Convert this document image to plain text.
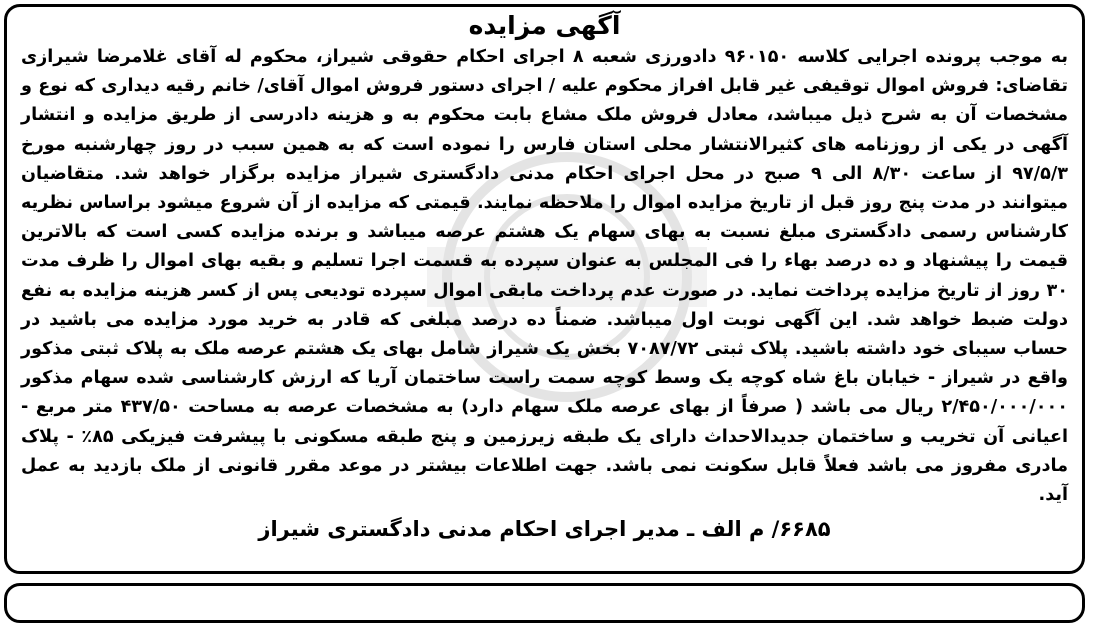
آگهی مزایده

به موجب پرونده اجرایی کلاسه ۹۶۰۱۵۰ دادورزی شعبه ۸ اجرای احکام حقوقی شیراز، محکوم له آقای غلامرضا شیرازی تقاضای: فروش اموال توقیفی غیر قابل افراز محکوم علیه / اجرای دستور فروش اموال آقای/ خانم رقیه دیداری که نوع و مشخصات آن به شرح ذیل میباشد، معادل فروش ملک مشاع بابت محکوم به و هزینه دادرسی از طریق مزایده و انتشار آگهی در یکی از روزنامه های کثیرالانتشار محلی استان فارس را نموده است که به همین سبب در روز چهارشنبه مورخ ۹۷/۵/۳ از ساعت ۸/۳۰ الی ۹ صبح در محل اجرای احکام مدنی دادگستری شیراز مزایده برگزار خواهد شد. متقاضیان میتوانند در مدت پنج روز قبل از تاریخ مزایده اموال را ملاحظه نمایند. قیمتی که مزایده از آن شروع میشود براساس نظریه کارشناس رسمی دادگستری مبلغ نسبت به بهای سهام یک هشتم عرصه میباشد و برنده مزایده کسی است که بالاترین قیمت را پیشنهاد و ده درصد بهاء را فی المجلس به عنوان سپرده به قسمت اجرا تسلیم و بقیه بهای اموال را ظرف مدت ۳۰ روز از تاریخ مزایده پرداخت نماید. در صورت عدم پرداخت مابقی اموال سپرده تودیعی پس از کسر هزینه مزایده به نفع دولت ضبط خواهد شد. این آگهی نوبت اول میباشد. ضمناً ده درصد مبلغی که قادر به خرید مورد مزایده می باشید در حساب سیبای خود داشته باشید. پلاک ثبتی ۷۰۸۷/۷۲ بخش یک شیراز شامل بهای یک هشتم عرصه ملک به پلاک ثبتی مذکور واقع در شیراز - خیابان باغ شاه کوچه یک وسط کوچه سمت راست ساختمان آریا که ارزش کارشناسی شده سهام مذکور ۲/۴۵۰/۰۰۰/۰۰۰ ریال می باشد ( صرفاً از بهای عرصه ملک سهام دارد) به مشخصات عرصه به مساحت ۴۳۷/۵۰ متر مربع - اعیانی آن تخریب و ساختمان جدیدالاحداث دارای یک طبقه زیرزمین و پنج طبقه مسکونی با پیشرفت فیزیکی ۸۵٪ - پلاک مادری مفروز می باشد فعلاً قابل سکونت نمی باشد. جهت اطلاعات بیشتر در موعد مقرر قانونی از ملک بازدید به عمل آید.

۶۶۸۵/ م الف ـ مدیر اجرای احکام مدنی دادگستری شیراز
